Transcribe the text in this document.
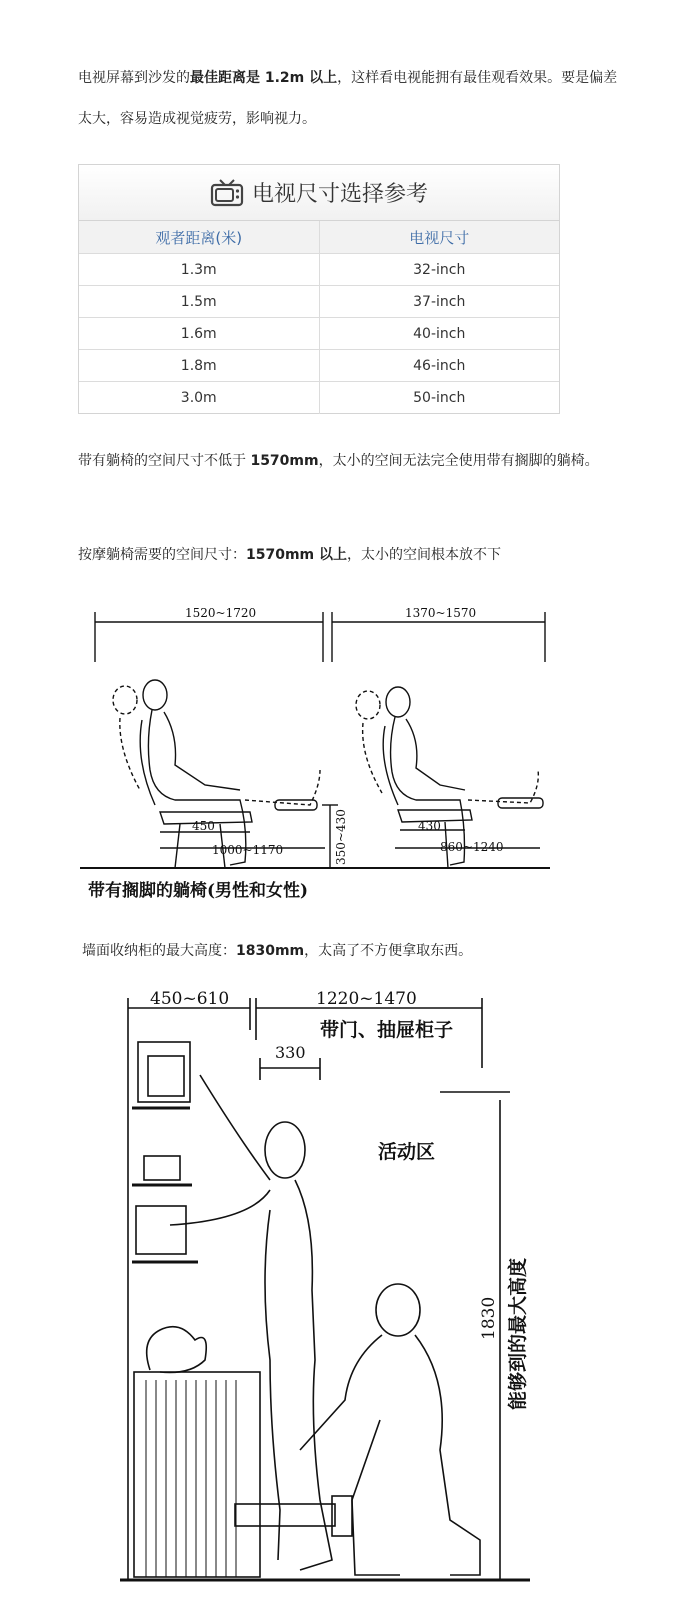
电视屏幕到沙发的最佳距离是 1.2m 以上，这样看电视能拥有最佳观看效果。要是偏差太大，容易造成视觉疲劳，影响视力。

电视尺寸选择参考
观者距离(米)	电视尺寸
1.3m	32-inch
1.5m	37-inch
1.6m	40-inch
1.8m	46-inch
3.0m	50-inch

带有躺椅的空间尺寸不低于 1570mm，太小的空间无法完全使用带有搁脚的躺椅。

按摩躺椅需要的空间尺寸：1570mm 以上，太小的空间根本放不下

1520~1720	1370~1570
450	430
1000~1170	860~1240
350~430
带有搁脚的躺椅(男性和女性)

墙面收纳柜的最大高度：1830mm，太高了不方便拿取东西。

450~610	1220~1470
330
带门、抽屉柜子
活动区
1830 能够到的最大高度
